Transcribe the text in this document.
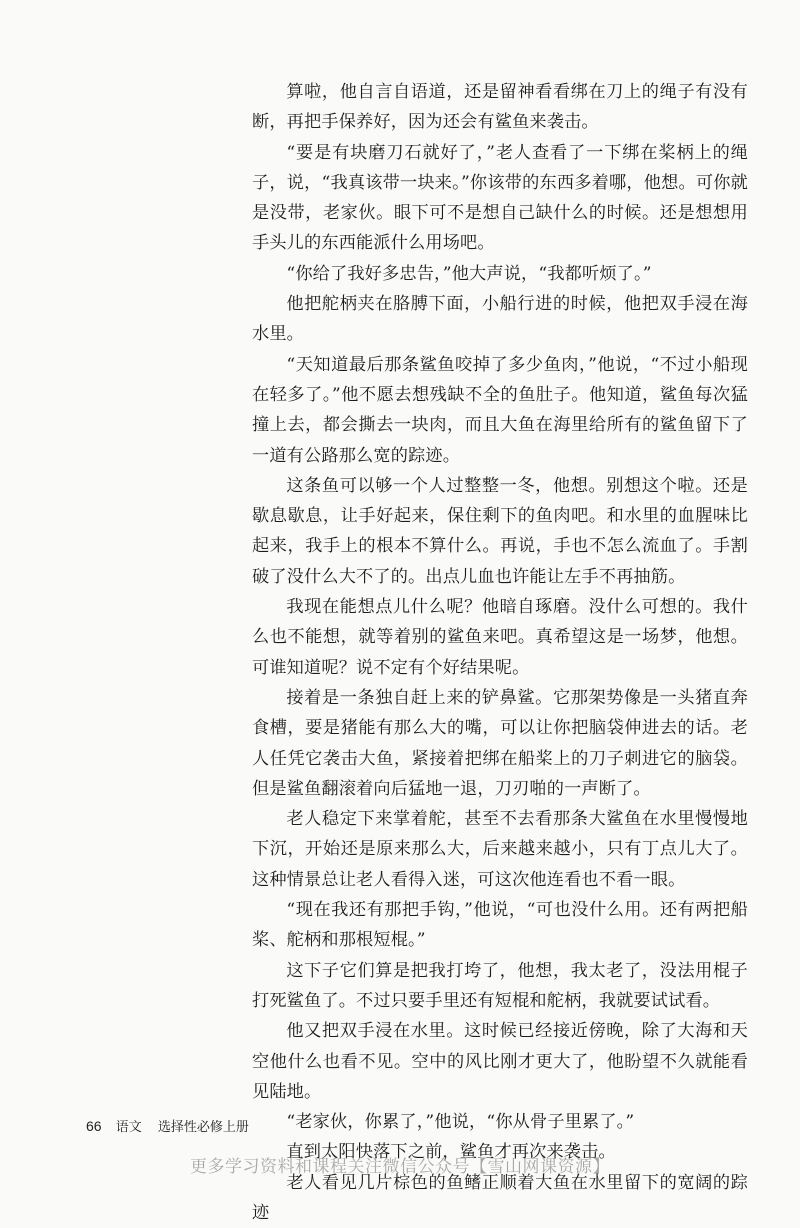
算啦，他自言自语道，还是留神看看绑在刀上的绳子有没有断，再把手保养好，因为还会有鲨鱼来袭击。

“要是有块磨刀石就好了，”老人查看了一下绑在桨柄上的绳子，说，“我真该带一块来。”你该带的东西多着哪，他想。可你就是没带，老家伙。眼下可不是想自己缺什么的时候。还是想想用手头儿的东西能派什么用场吧。

“你给了我好多忠告，”他大声说，“我都听烦了。”

他把舵柄夹在胳膊下面，小船行进的时候，他把双手浸在海水里。

“天知道最后那条鲨鱼咬掉了多少鱼肉，”他说，“不过小船现在轻多了。”他不愿去想残缺不全的鱼肚子。他知道，鲨鱼每次猛撞上去，都会撕去一块肉，而且大鱼在海里给所有的鲨鱼留下了一道有公路那么宽的踪迹。

这条鱼可以够一个人过整整一冬，他想。别想这个啦。还是歇息歇息，让手好起来，保住剩下的鱼肉吧。和水里的血腥味比起来，我手上的根本不算什么。再说，手也不怎么流血了。手割破了没什么大不了的。出点儿血也许能让左手不再抽筋。

我现在能想点儿什么呢？他暗自琢磨。没什么可想的。我什么也不能想，就等着别的鲨鱼来吧。真希望这是一场梦，他想。可谁知道呢？说不定有个好结果呢。

接着是一条独自赶上来的铲鼻鲨。它那架势像是一头猪直奔食槽，要是猪能有那么大的嘴，可以让你把脑袋伸进去的话。老人任凭它袭击大鱼，紧接着把绑在船桨上的刀子刺进它的脑袋。但是鲨鱼翻滚着向后猛地一退，刀刃啪的一声断了。

老人稳定下来掌着舵，甚至不去看那条大鲨鱼在水里慢慢地下沉，开始还是原来那么大，后来越来越小，只有丁点儿大了。这种情景总让老人看得入迷，可这次他连看也不看一眼。

“现在我还有那把手钩，”他说，“可也没什么用。还有两把船桨、舵柄和那根短棍。”

这下子它们算是把我打垮了，他想，我太老了，没法用棍子打死鲨鱼了。不过只要手里还有短棍和舵柄，我就要试试看。

他又把双手浸在水里。这时候已经接近傍晚，除了大海和天空他什么也看不见。空中的风比刚才更大了，他盼望不久就能看见陆地。

“老家伙，你累了，”他说，“你从骨子里累了。”

直到太阳快落下之前，鲨鱼才再次来袭击。

老人看见几片棕色的鱼鳍正顺着大鱼在水里留下的宽阔的踪迹

66 语文 选择性必修上册
更多学习资料和课程关注微信公众号【雪山网课资源】
